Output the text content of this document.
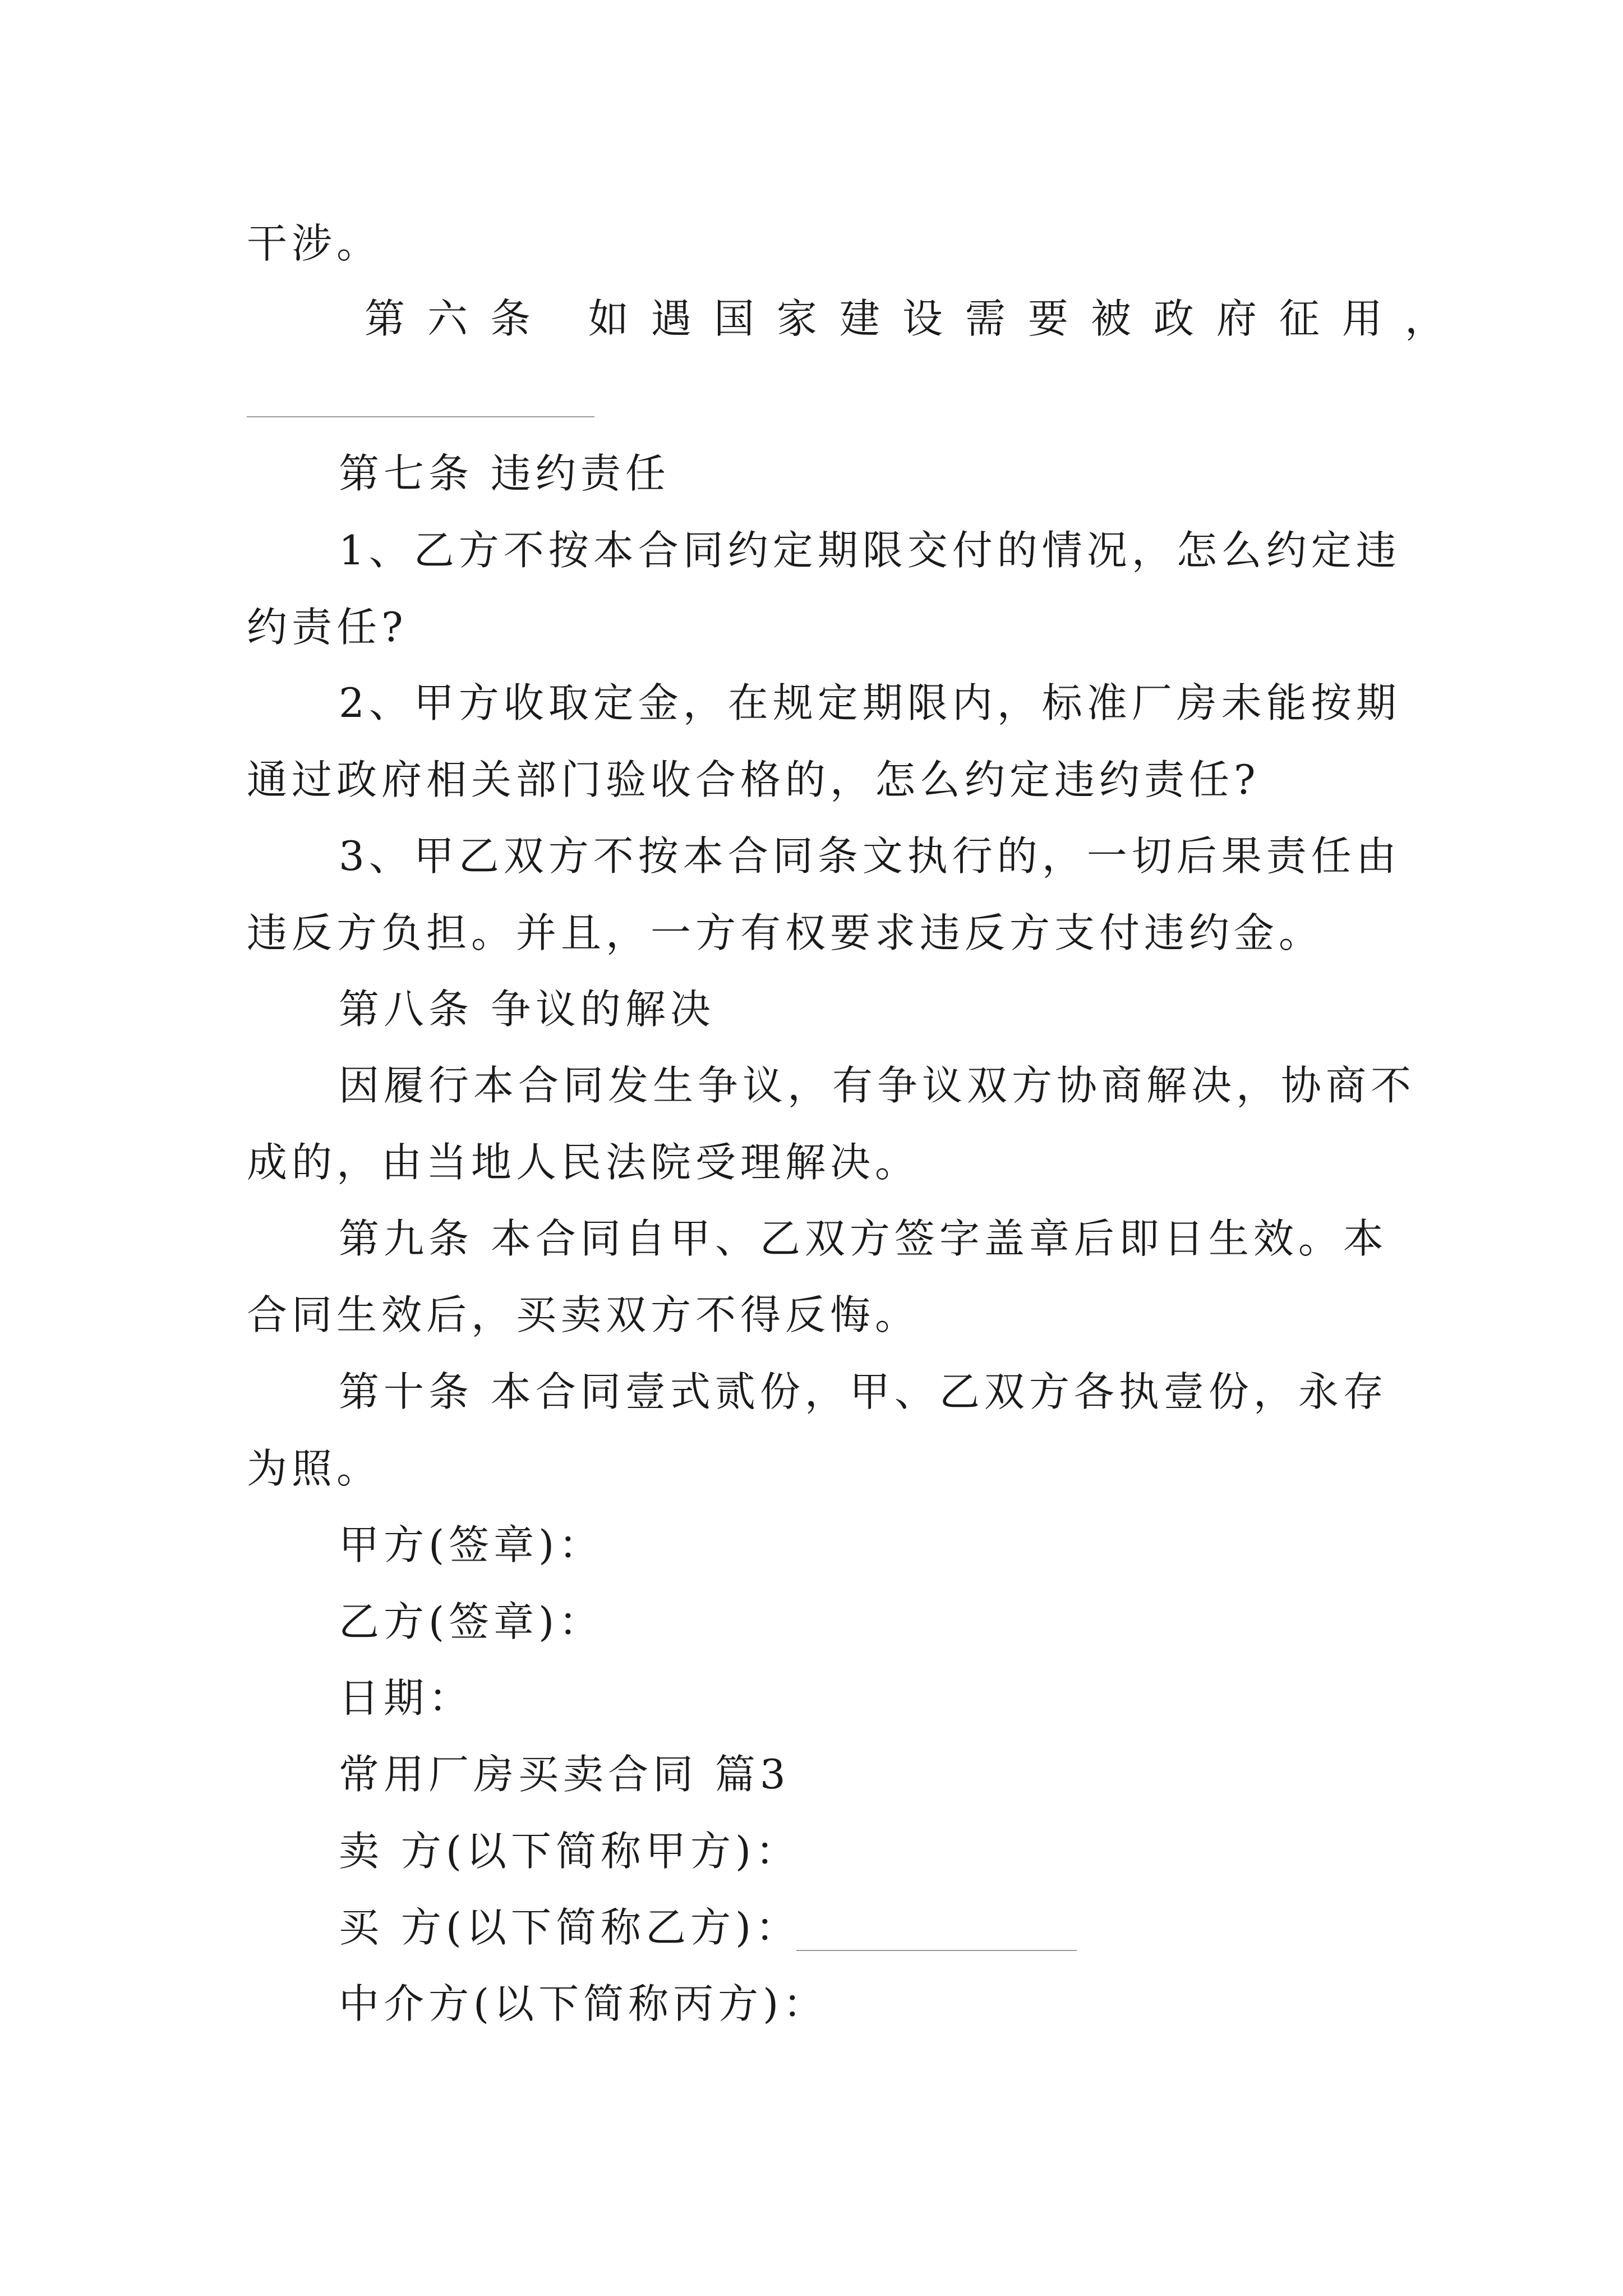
干涉。
第六条 如遇国家建设需要被政府征用，
第七条 违约责任
1、乙方不按本合同约定期限交付的情况，怎么约定违
约责任?
2、甲方收取定金，在规定期限内，标准厂房未能按期
通过政府相关部门验收合格的，怎么约定违约责任?
3、甲乙双方不按本合同条文执行的，一切后果责任由
违反方负担。并且，一方有权要求违反方支付违约金。
第八条 争议的解决
因履行本合同发生争议，有争议双方协商解决，协商不
成的，由当地人民法院受理解决。
第九条 本合同自甲、乙双方签字盖章后即日生效。本
合同生效后，买卖双方不得反悔。
第十条 本合同壹式贰份，甲、乙双方各执壹份，永存
为照。
甲方(签章)：
乙方(签章)：
日期：
常用厂房买卖合同 篇3
卖 方(以下简称甲方)：
买 方(以下简称乙方)：
中介方(以下简称丙方)：
